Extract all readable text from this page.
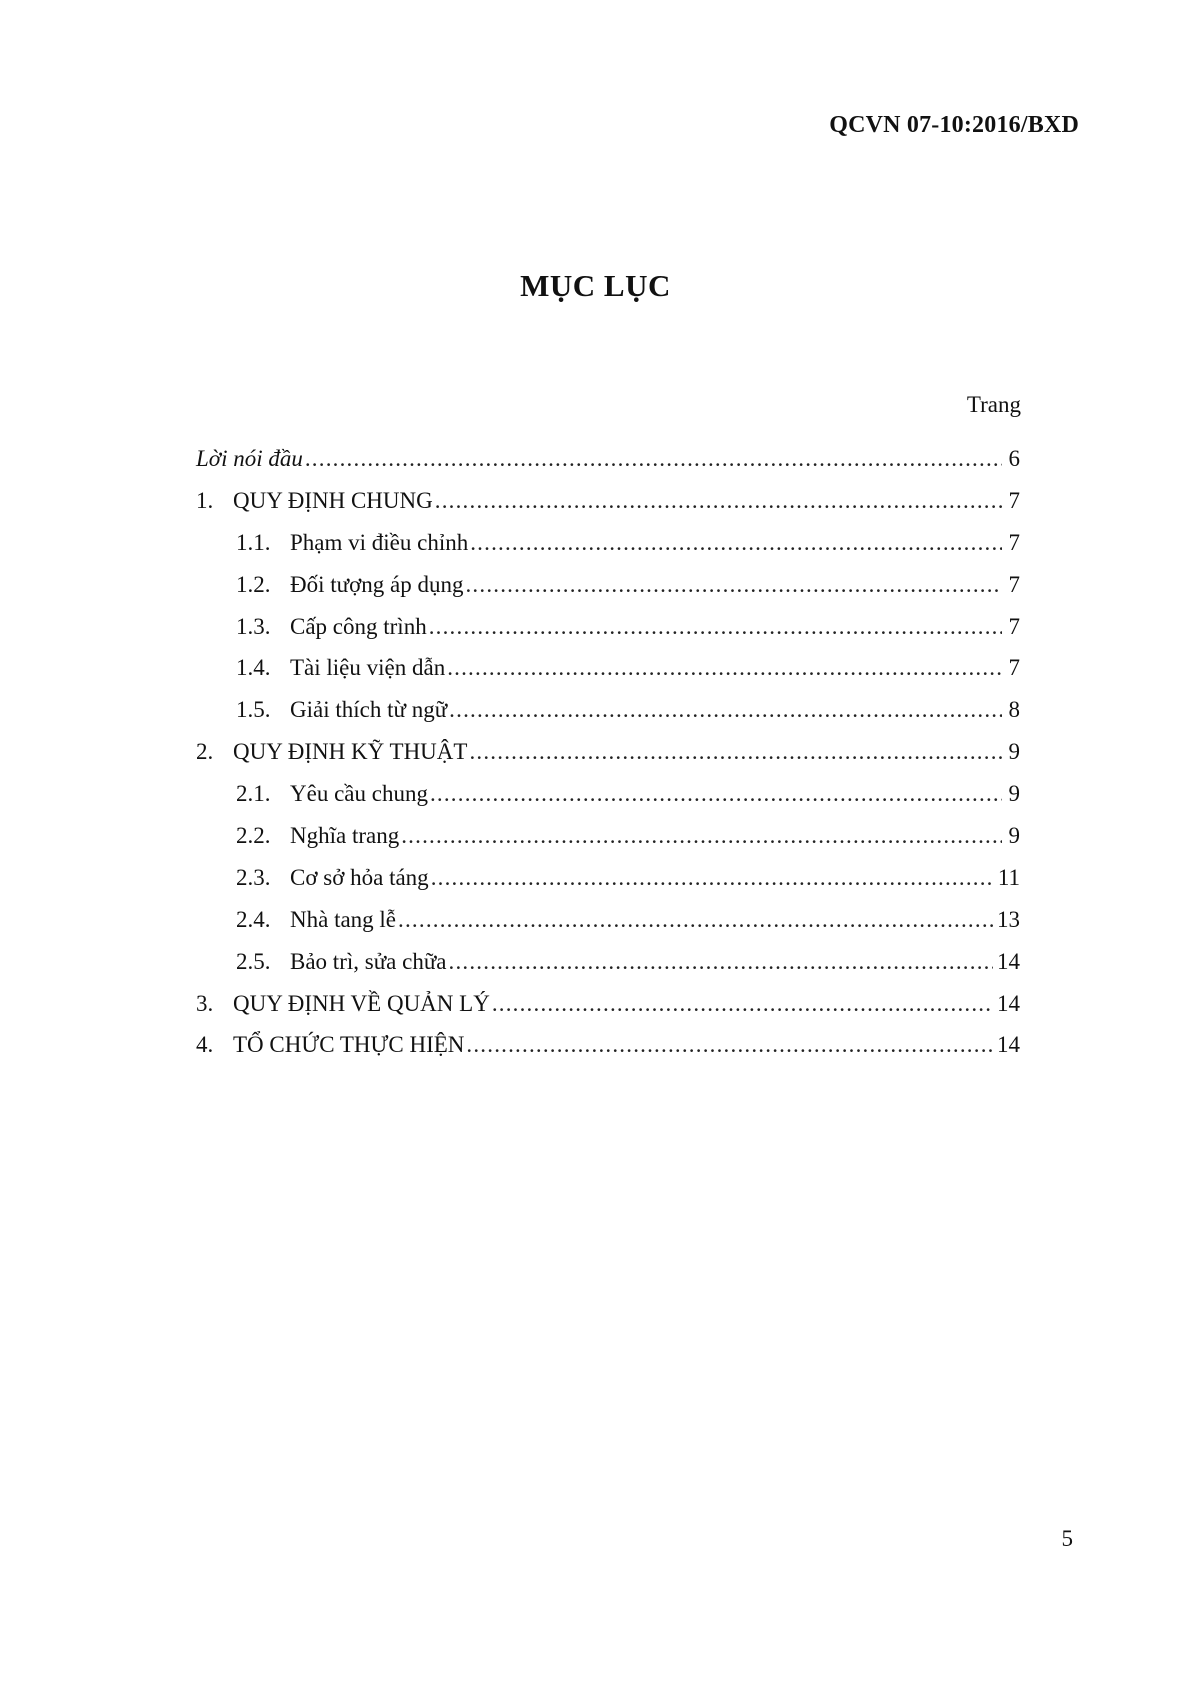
QCVN 07-10:2016/BXD
MỤC LỤC
Trang
Lời nói đầu .....	6
1. QUY ĐỊNH CHUNG .....	7
1.1. Phạm vi điều chỉnh .....	7
1.2. Đối tượng áp dụng .....	7
1.3. Cấp công trình .....	7
1.4. Tài liệu viện dẫn .....	7
1.5. Giải thích từ ngữ .....	8
2. QUY ĐỊNH KỸ THUẬT .....	9
2.1. Yêu cầu chung .....	9
2.2. Nghĩa trang .....	9
2.3. Cơ sở hỏa táng .....	11
2.4. Nhà tang lễ .....	13
2.5. Bảo trì, sửa chữa .....	14
3. QUY ĐỊNH VỀ QUẢN LÝ .....	14
4. TỔ CHỨC THỰC HIỆN .....	14
5
